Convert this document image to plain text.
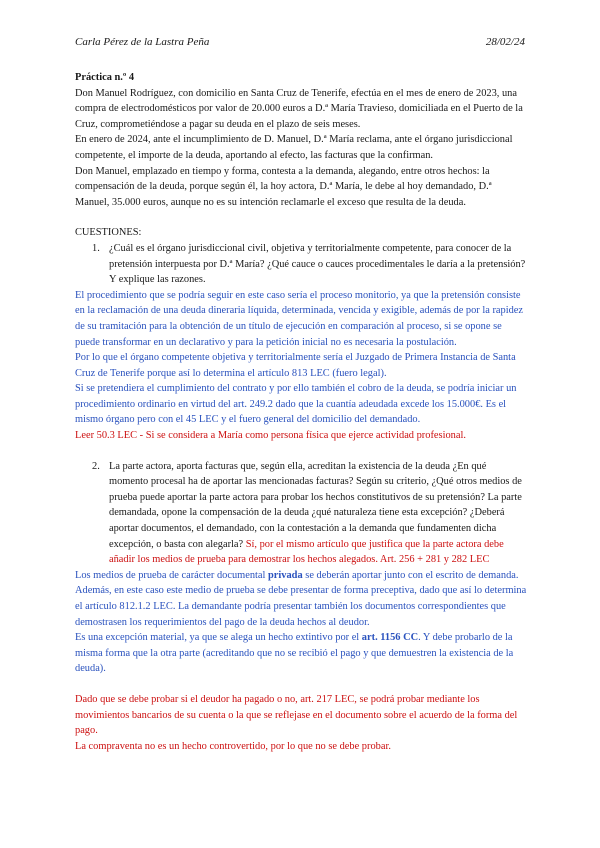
Carla Pérez de la Lastra Peña	28/02/24

Práctica n.º 4

Don Manuel Rodríguez, con domicilio en Santa Cruz de Tenerife, efectúa en el mes de enero de 2023, una compra de electrodomésticos por valor de 20.000 euros a D.ª María Travieso, domiciliada en el Puerto de la Cruz, comprometiéndose a pagar su deuda en el plazo de seis meses.

En enero de 2024, ante el incumplimiento de D. Manuel, D.ª María reclama, ante el órgano jurisdiccional competente, el importe de la deuda, aportando al efecto, las facturas que la confirman.

Don Manuel, emplazado en tiempo y forma, contesta a la demanda, alegando, entre otros hechos: la compensación de la deuda, porque según él, la hoy actora, D.ª María, le debe al hoy demandado, D.ª Manuel, 35.000 euros, aunque no es su intención reclamarle el exceso que resulta de la deuda.

CUESTIONES:

1. ¿Cuál es el órgano jurisdiccional civil, objetiva y territorialmente competente, para conocer de la pretensión interpuesta por D.ª María? ¿Qué cauce o cauces procedimentales le daría a la pretensión? Y explique las razones.

El procedimiento que se podría seguir en este caso sería el proceso monitorio, ya que la pretensión consiste en la reclamación de una deuda dineraria líquida, determinada, vencida y exigible, además de por la rapidez de su tramitación para la obtención de un título de ejecución en comparación al proceso, si se opone se puede transformar en un declarativo y para la petición inicial no es necesaria la postulación.

Por lo que el órgano competente objetiva y territorialmente sería el Juzgado de Primera Instancia de Santa Cruz de Tenerife porque así lo determina el artículo 813 LEC (fuero legal).

Si se pretendiera el cumplimiento del contrato y por ello también el cobro de la deuda, se podría iniciar un procedimiento ordinario en virtud del art. 249.2 dado que la cuantía adeudada excede los 15.000€. Es el mismo órgano pero con el 45 LEC y el fuero general del domicilio del demandado.

Leer 50.3 LEC - Si se considera a María como persona física que ejerce actividad profesional.

2. La parte actora, aporta facturas que, según ella, acreditan la existencia de la deuda ¿En qué momento procesal ha de aportar las mencionadas facturas? Según su criterio, ¿Qué otros medios de prueba puede aportar la parte actora para probar los hechos constitutivos de su pretensión? La parte demandada, opone la compensación de la deuda ¿qué naturaleza tiene esta excepción? ¿Deberá aportar documentos, el demandado, con la contestación a la demanda que fundamenten dicha excepción, o basta con alegarla? Sí, por el mismo artículo que justifica que la parte actora debe añadir los medios de prueba para demostrar los hechos alegados. Art. 256 + 281 y 282 LEC

Los medios de prueba de carácter documental privada se deberán aportar junto con el escrito de demanda. Además, en este caso este medio de prueba se debe presentar de forma preceptiva, dado que así lo determina el artículo 812.1.2 LEC. La demandante podría presentar también los documentos correspondientes que demostrasen los requerimientos del pago de la deuda hechos al deudor.

Es una excepción material, ya que se alega un hecho extintivo por el art. 1156 CC. Y debe probarlo de la misma forma que la otra parte (acreditando que no se recibió el pago y que demuestren la existencia de la deuda).

Dado que se debe probar si el deudor ha pagado o no, art. 217 LEC, se podrá probar mediante los movimientos bancarios de su cuenta o la que se reflejase en el documento sobre el acuerdo de la forma del pago.

La compraventa no es un hecho controvertido, por lo que no se debe probar.
